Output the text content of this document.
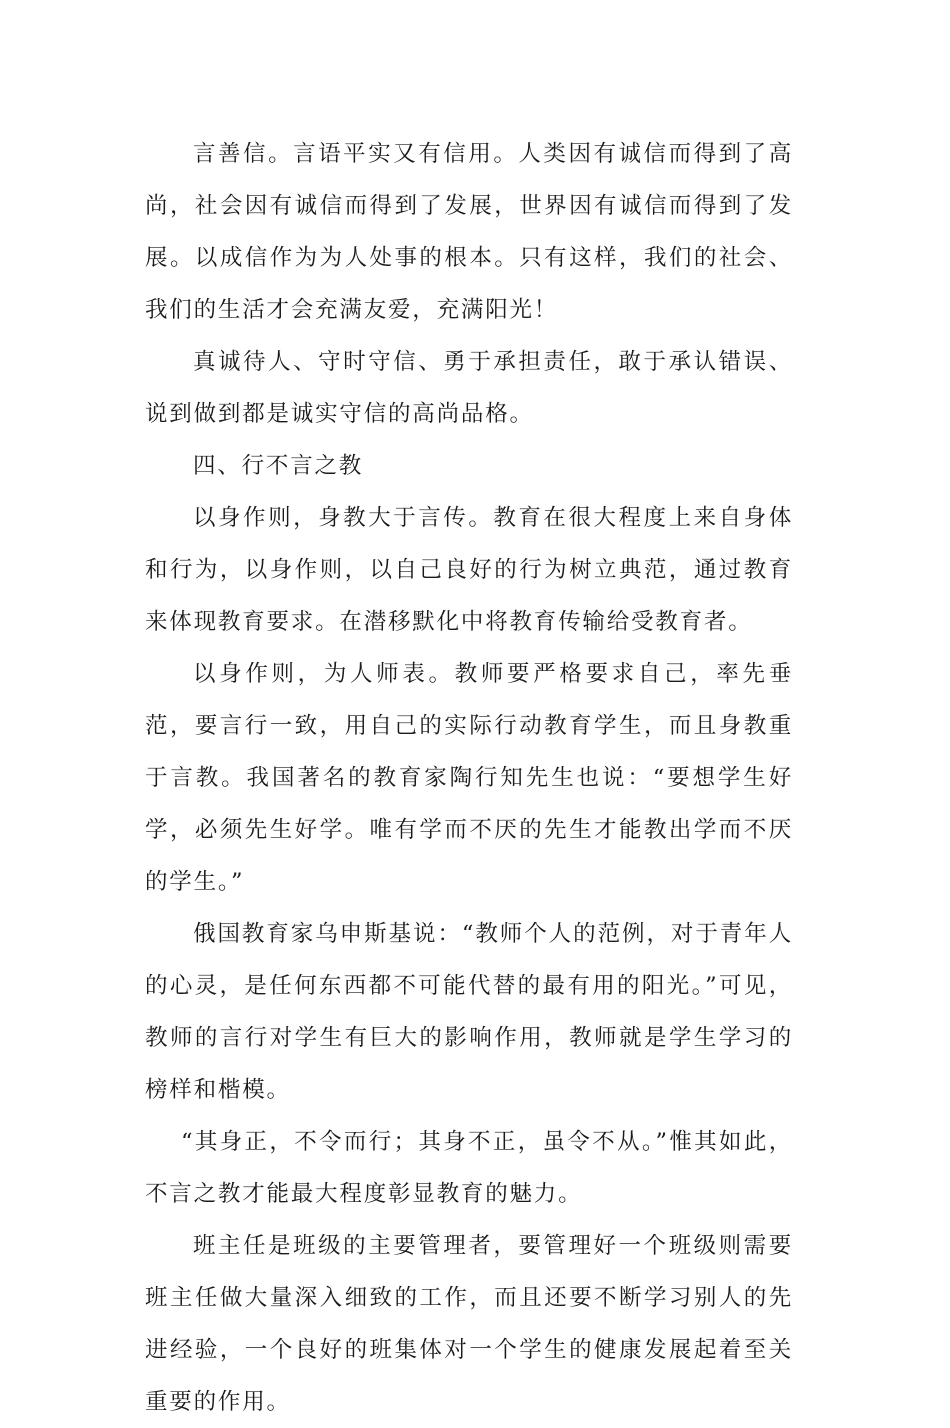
言善信。言语平实又有信用。人类因有诚信而得到了高尚，社会因有诚信而得到了发展，世界因有诚信而得到了发展。以成信作为为人处事的根本。只有这样，我们的社会、我们的生活才会充满友爱，充满阳光！

真诚待人、守时守信、勇于承担责任，敢于承认错误、说到做到都是诚实守信的高尚品格。

四、行不言之教

以身作则，身教大于言传。教育在很大程度上来自身体和行为，以身作则，以自己良好的行为树立典范，通过教育来体现教育要求。在潜移默化中将教育传输给受教育者。

以身作则，为人师表。教师要严格要求自己，率先垂范，要言行一致，用自己的实际行动教育学生，而且身教重于言教。我国著名的教育家陶行知先生也说：“要想学生好学，必须先生好学。唯有学而不厌的先生才能教出学而不厌的学生。”

俄国教育家乌申斯基说：“教师个人的范例，对于青年人的心灵，是任何东西都不可能代替的最有用的阳光。”可见，教师的言行对学生有巨大的影响作用，教师就是学生学习的榜样和楷模。

“其身正，不令而行；其身不正，虽令不从。”惟其如此，不言之教才能最大程度彰显教育的魅力。

班主任是班级的主要管理者，要管理好一个班级则需要班主任做大量深入细致的工作，而且还要不断学习别人的先进经验，一个良好的班集体对一个学生的健康发展起着至关重要的作用。
